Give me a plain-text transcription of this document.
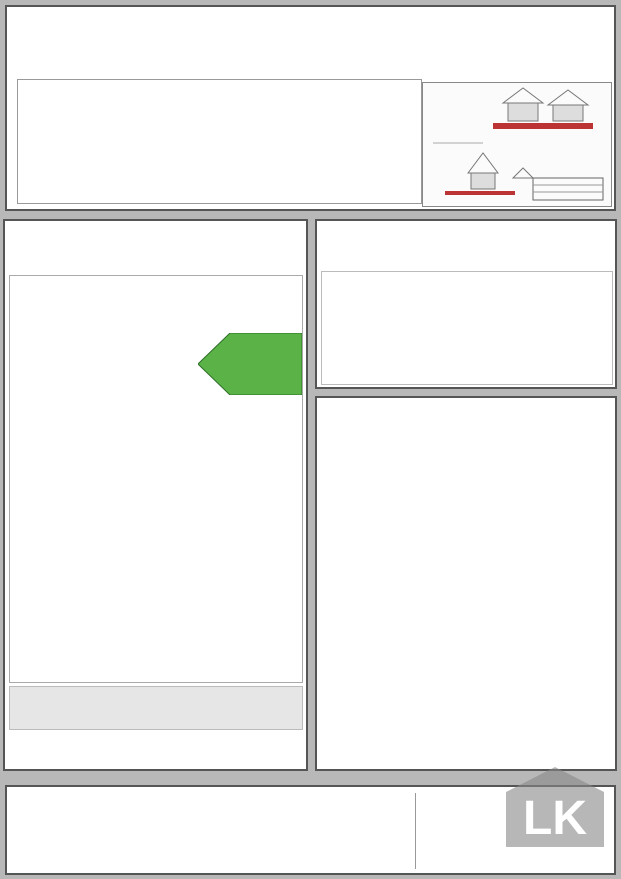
LK
